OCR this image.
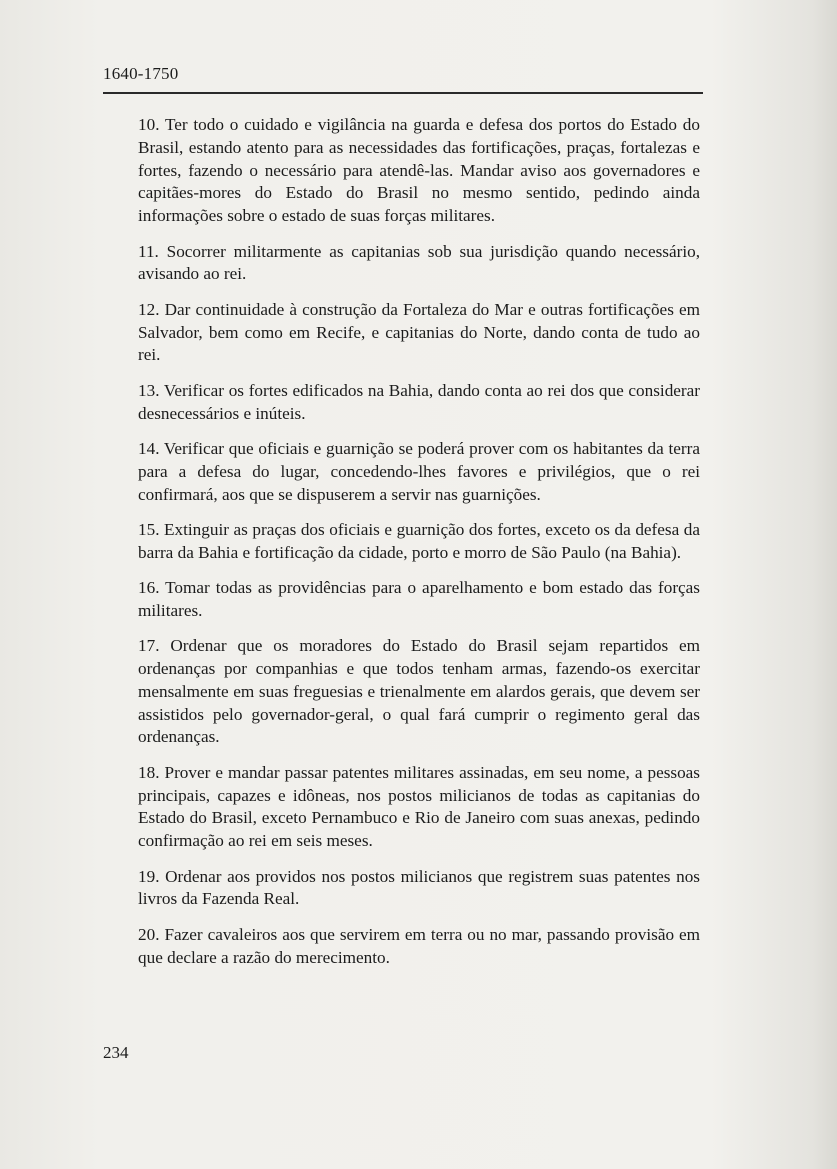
1640-1750

10. Ter todo o cuidado e vigilância na guarda e defesa dos portos do Estado do Brasil, estando atento para as necessidades das fortificações, praças, fortalezas e fortes, fazendo o necessário para atendê-las. Mandar aviso aos governadores e capitães-mores do Estado do Brasil no mesmo sentido, pedindo ainda informações sobre o estado de suas forças militares.

11. Socorrer militarmente as capitanias sob sua jurisdição quando necessário, avisando ao rei.

12. Dar continuidade à construção da Fortaleza do Mar e outras fortificações em Salvador, bem como em Recife, e capitanias do Norte, dando conta de tudo ao rei.

13. Verificar os fortes edificados na Bahia, dando conta ao rei dos que considerar desnecessários e inúteis.

14. Verificar que oficiais e guarnição se poderá prover com os habitantes da terra para a defesa do lugar, concedendo-lhes favores e privilégios, que o rei confirmará, aos que se dispuserem a servir nas guarnições.

15. Extinguir as praças dos oficiais e guarnição dos fortes, exceto os da defesa da barra da Bahia e fortificação da cidade, porto e morro de São Paulo (na Bahia).

16. Tomar todas as providências para o aparelhamento e bom estado das forças militares.

17. Ordenar que os moradores do Estado do Brasil sejam repartidos em ordenanças por companhias e que todos tenham armas, fazendo-os exercitar mensalmente em suas freguesias e trienalmente em alardos gerais, que devem ser assistidos pelo governador-geral, o qual fará cumprir o regimento geral das ordenanças.

18. Prover e mandar passar patentes militares assinadas, em seu nome, a pessoas principais, capazes e idôneas, nos postos milicianos de todas as capitanias do Estado do Brasil, exceto Pernambuco e Rio de Janeiro com suas anexas, pedindo confirmação ao rei em seis meses.

19. Ordenar aos providos nos postos milicianos que registrem suas patentes nos livros da Fazenda Real.

20. Fazer cavaleiros aos que servirem em terra ou no mar, passando provisão em que declare a razão do merecimento.

234
